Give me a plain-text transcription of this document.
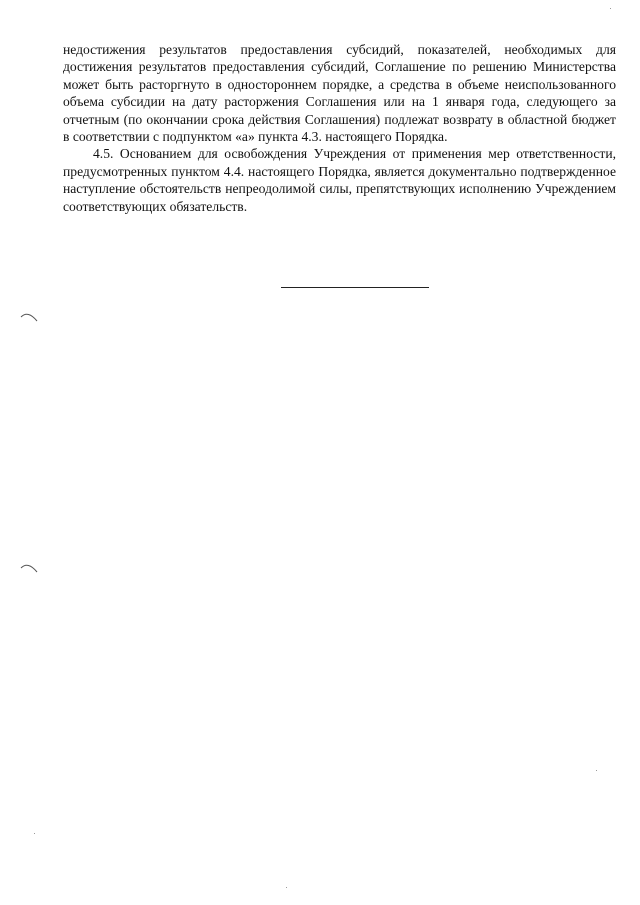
недостижения результатов предоставления субсидий, показателей, необходимых для достижения результатов предоставления субсидий, Соглашение по решению Министерства может быть расторгнуто в одностороннем порядке, а средства в объеме неиспользованного объема субсидии на дату расторжения Соглашения или на 1 января года, следующего за отчетным (по окончании срока действия Соглашения) подлежат возврату в областной бюджет в соответствии с подпунктом «а» пункта 4.3. настоящего Порядка.

4.5. Основанием для освобождения Учреждения от применения мер ответственности, предусмотренных пунктом 4.4. настоящего Порядка, является документально подтвержденное наступление обстоятельств непреодолимой силы, препятствующих исполнению Учреждением соответствующих обязательств.
